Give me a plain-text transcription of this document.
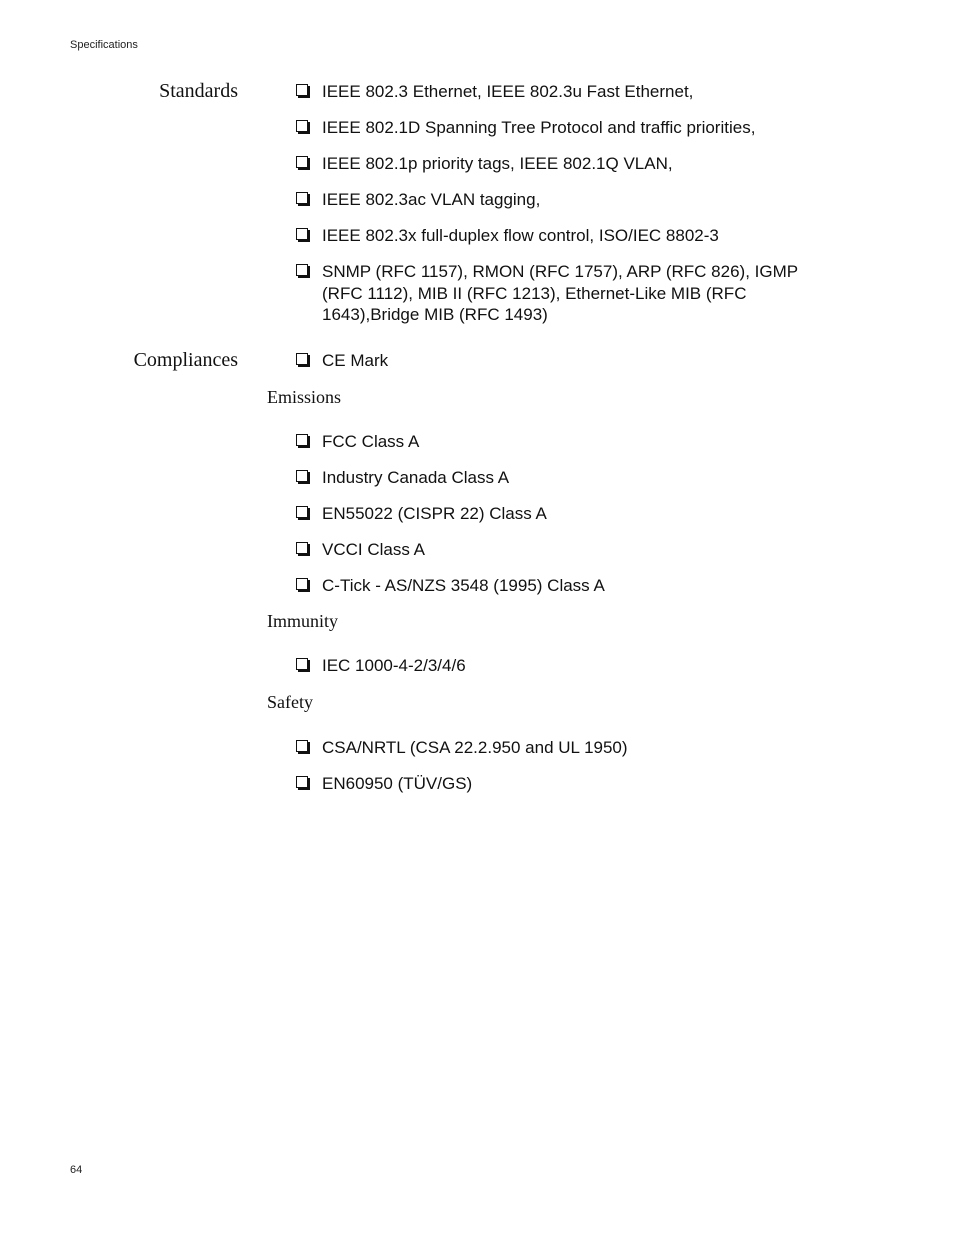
Specifications
Standards	IEEE 802.3 Ethernet, IEEE 802.3u Fast Ethernet,
IEEE 802.1D Spanning Tree Protocol and traffic priorities,
IEEE 802.1p priority tags, IEEE 802.1Q VLAN,
IEEE 802.3ac VLAN tagging,
IEEE 802.3x full-duplex flow control, ISO/IEC 8802-3
SNMP (RFC 1157), RMON (RFC 1757), ARP (RFC 826), IGMP (RFC 1112), MIB II (RFC 1213), Ethernet-Like MIB (RFC 1643),Bridge MIB (RFC 1493)
Compliances	CE Mark
Emissions
FCC Class A
Industry Canada Class A
EN55022 (CISPR 22) Class A
VCCI Class A
C-Tick - AS/NZS 3548 (1995) Class A
Immunity
IEC 1000-4-2/3/4/6
Safety
CSA/NRTL (CSA 22.2.950 and UL 1950)
EN60950 (TÜV/GS)
64
